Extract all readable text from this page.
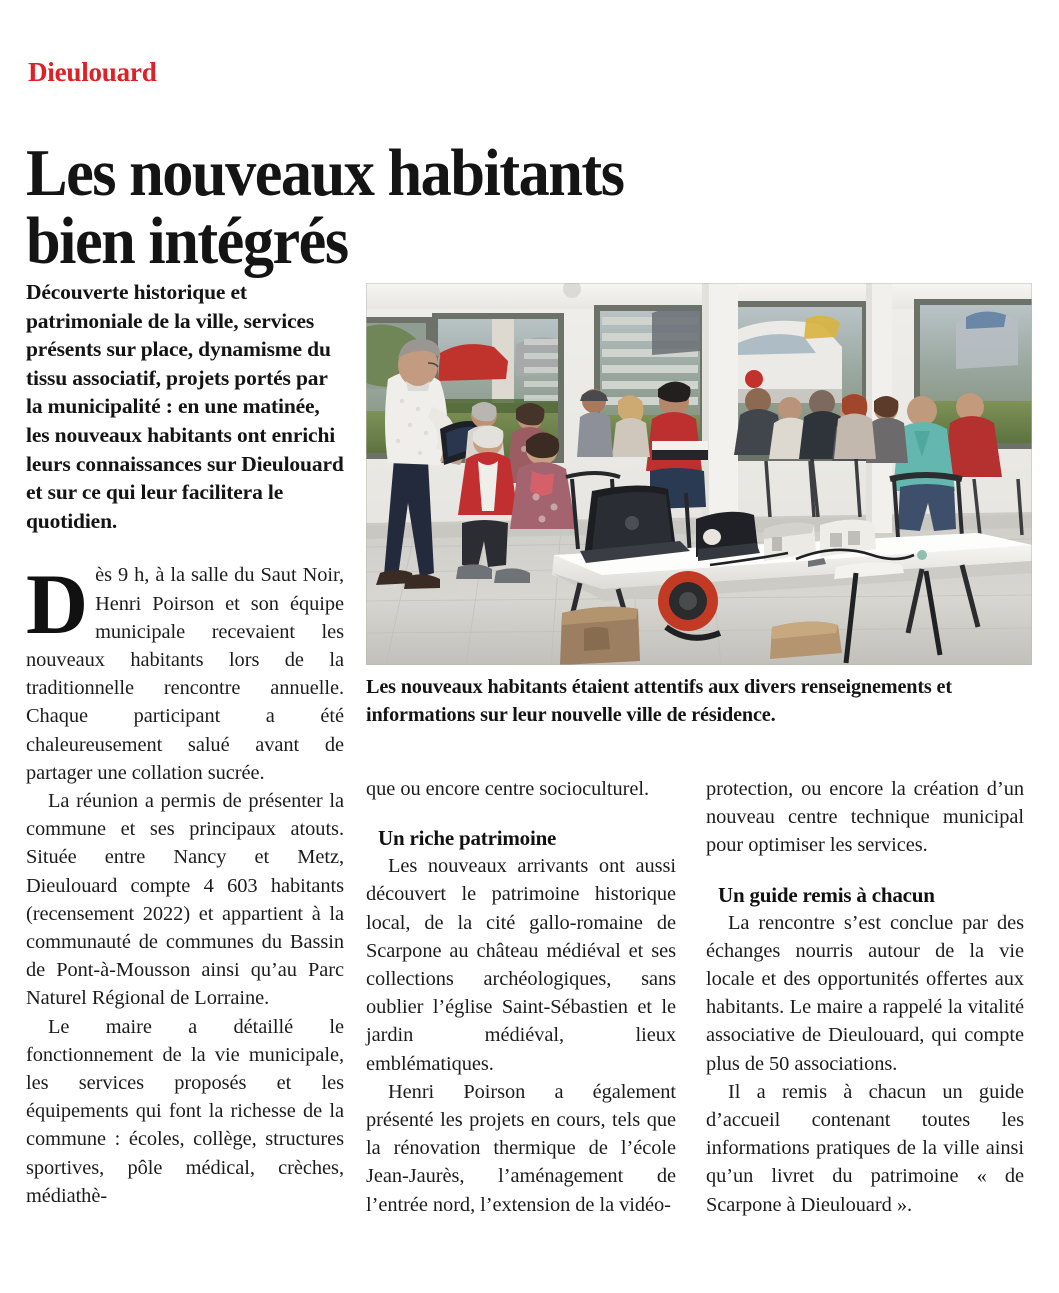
Dieulouard
Les nouveaux habitants
bien intégrés

Découverte historique et patrimoniale de la ville, services présents sur place, dynamisme du tissu associatif, projets portés par la municipalité : en une matinée, les nouveaux habitants ont enrichi leurs connaissances sur Dieulouard et sur ce qui leur facilitera le quotidien.

Dès 9 h, à la salle du Saut Noir, Henri Poirson et son équipe municipale recevaient les nouveaux habitants lors de la traditionnelle rencontre annuelle. Chaque participant a été chaleureusement salué avant de partager une collation sucrée.

La réunion a permis de présenter la commune et ses principaux atouts. Située entre Nancy et Metz, Dieulouard compte 4 603 habitants (recensement 2022) et appartient à la communauté de communes du Bassin de Pont-à-Mousson ainsi qu’au Parc Naturel Régional de Lorraine.

Le maire a détaillé le fonctionnement de la vie municipale, les services proposés et les équipements qui font la richesse de la commune : écoles, collège, structures sportives, pôle médical, crèches, médiathè-

Les nouveaux habitants étaient attentifs aux divers renseignements et informations sur leur nouvelle ville de résidence.

que ou encore centre socioculturel.

Un riche patrimoine

Les nouveaux arrivants ont aussi découvert le patrimoine historique local, de la cité gallo-romaine de Scarpone au château médiéval et ses collections archéologiques, sans oublier l’église Saint-Sébastien et le jardin médiéval, lieux emblématiques.

Henri Poirson a également présenté les projets en cours, tels que la rénovation thermique de l’école Jean-Jaurès, l’aménagement de l’entrée nord, l’extension de la vidéo-

protection, ou encore la création d’un nouveau centre technique municipal pour optimiser les services.

Un guide remis à chacun

La rencontre s’est conclue par des échanges nourris autour de la vie locale et des opportunités offertes aux habitants. Le maire a rappelé la vitalité associative de Dieulouard, qui compte plus de 50 associations.

Il a remis à chacun un guide d’accueil contenant toutes les informations pratiques de la ville ainsi qu’un livret du patrimoine « de Scarpone à Dieulouard ».
